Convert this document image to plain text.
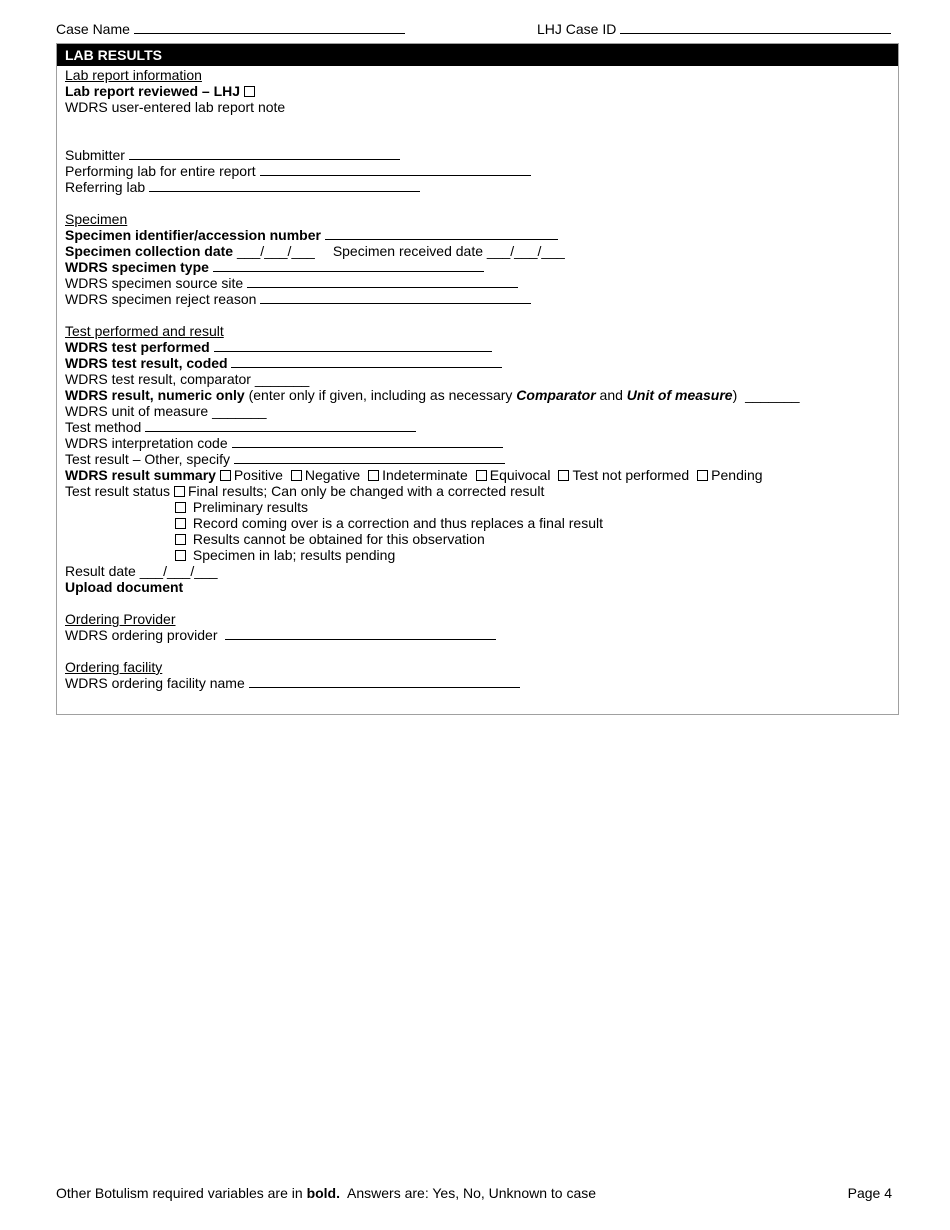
Case Name	LHJ Case ID
LAB RESULTS
Lab report information
Lab report reviewed – LHJ
WDRS user-entered lab report note
Submitter
Performing lab for entire report
Referring lab
Specimen
Specimen identifier/accession number
Specimen collection date ___/___/___ Specimen received date ___/___/___
WDRS specimen type
WDRS specimen source site
WDRS specimen reject reason
Test performed and result
WDRS test performed
WDRS test result, coded
WDRS test result, comparator _______
WDRS result, numeric only (enter only if given, including as necessary Comparator and Unit of measure) _______
WDRS unit of measure _______
Test method
WDRS interpretation code
Test result – Other, specify
WDRS result summary Positive Negative Indeterminate Equivocal Test not performed Pending
Test result status Final results; Can only be changed with a corrected result
Preliminary results
Record coming over is a correction and thus replaces a final result
Results cannot be obtained for this observation
Specimen in lab; results pending
Result date ___/___/___
Upload document
Ordering Provider
WDRS ordering provider
Ordering facility
WDRS ordering facility name
Other Botulism required variables are in bold. Answers are: Yes, No, Unknown to case	Page 4
